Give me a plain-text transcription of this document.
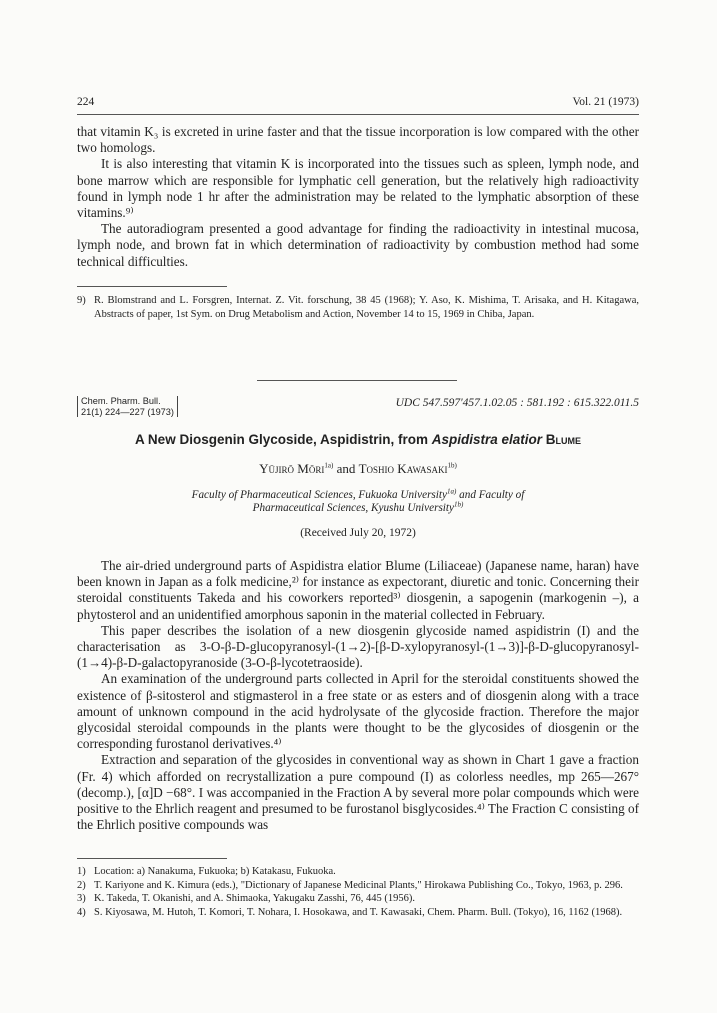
224	Vol. 21 (1973)

that vitamin K₃ is excreted in urine faster and that the tissue incorporation is low compared with the other two homologs.

It is also interesting that vitamin K is incorporated into the tissues such as spleen, lymph node, and bone marrow which are responsible for lymphatic cell generation, but the relatively high radioactivity found in lymph node 1 hr after the administration may be related to the lymphatic absorption of these vitamins.⁹⁾

The autoradiogram presented a good advantage for finding the radioactivity in intestinal mucosa, lymph node, and brown fat in which determination of radioactivity by combustion method had some technical difficulties.

9) R. Blomstrand and L. Forsgren, Internat. Z. Vit. forschung, 38 45 (1968); Y. Aso, K. Mishima, T. Arisaka, and H. Kitagawa, Abstracts of paper, 1st Sym. on Drug Metabolism and Action, November 14 to 15, 1969 in Chiba, Japan.
Chem. Pharm. Bull.
21(1) 224—227 (1973)
UDC 547.597'457.1.02.05 : 581.192 : 615.322.011.5
A New Diosgenin Glycoside, Aspidistrin, from Aspidistra elatior Blume
Yūjirō Mōri$^{1a)}$ and Toshio Kawasaki$^{1b)}$
Faculty of Pharmaceutical Sciences, Fukuoka University$^{1a)}$ and Faculty of
Pharmaceutical Sciences, Kyushu University$^{1b)}$
(Received July 20, 1972)

The air-dried underground parts of Aspidistra elatior Blume (Liliaceae) (Japanese name, haran) have been known in Japan as a folk medicine,²⁾ for instance as expectorant, diuretic and tonic. Concerning their steroidal constituents Takeda and his coworkers reported³⁾ diosgenin, a sapogenin (markogenin –), a phytosterol and an unidentified amorphous saponin in the material collected in February.

This paper describes the isolation of a new diosgenin glycoside named aspidistrin (I) and the characterisation as 3-O-β-D-glucopyranosyl-(1→2)-[β-D-xylopyranosyl-(1→3)]-β-D-glucopyranosyl-(1→4)-β-D-galactopyranoside (3-O-β-lycotetraoside).

An examination of the underground parts collected in April for the steroidal constituents showed the existence of β-sitosterol and stigmasterol in a free state or as esters and of diosgenin along with a trace amount of unknown compound in the acid hydrolysate of the glycoside fraction. Therefore the major glycosidal steroidal compounds in the plants were thought to be the glycosides of diosgenin or the corresponding furostanol derivatives.⁴⁾

Extraction and separation of the glycosides in conventional way as shown in Chart 1 gave a fraction (Fr. 4) which afforded on recrystallization a pure compound (I) as colorless needles, mp 265—267° (decomp.), [α]D −68°. I was accompanied in the Fraction A by several more polar compounds which were positive to the Ehrlich reagent and presumed to be furostanol bisglycosides.⁴⁾ The Fraction C consisting of the Ehrlich positive compounds was

1) Location: a) Nanakuma, Fukuoka; b) Katakasu, Fukuoka.
2) T. Kariyone and K. Kimura (eds.), "Dictionary of Japanese Medicinal Plants," Hirokawa Publishing Co., Tokyo, 1963, p. 296.
3) K. Takeda, T. Okanishi, and A. Shimaoka, Yakugaku Zasshi, 76, 445 (1956).
4) S. Kiyosawa, M. Hutoh, T. Komori, T. Nohara, I. Hosokawa, and T. Kawasaki, Chem. Pharm. Bull. (Tokyo), 16, 1162 (1968).
